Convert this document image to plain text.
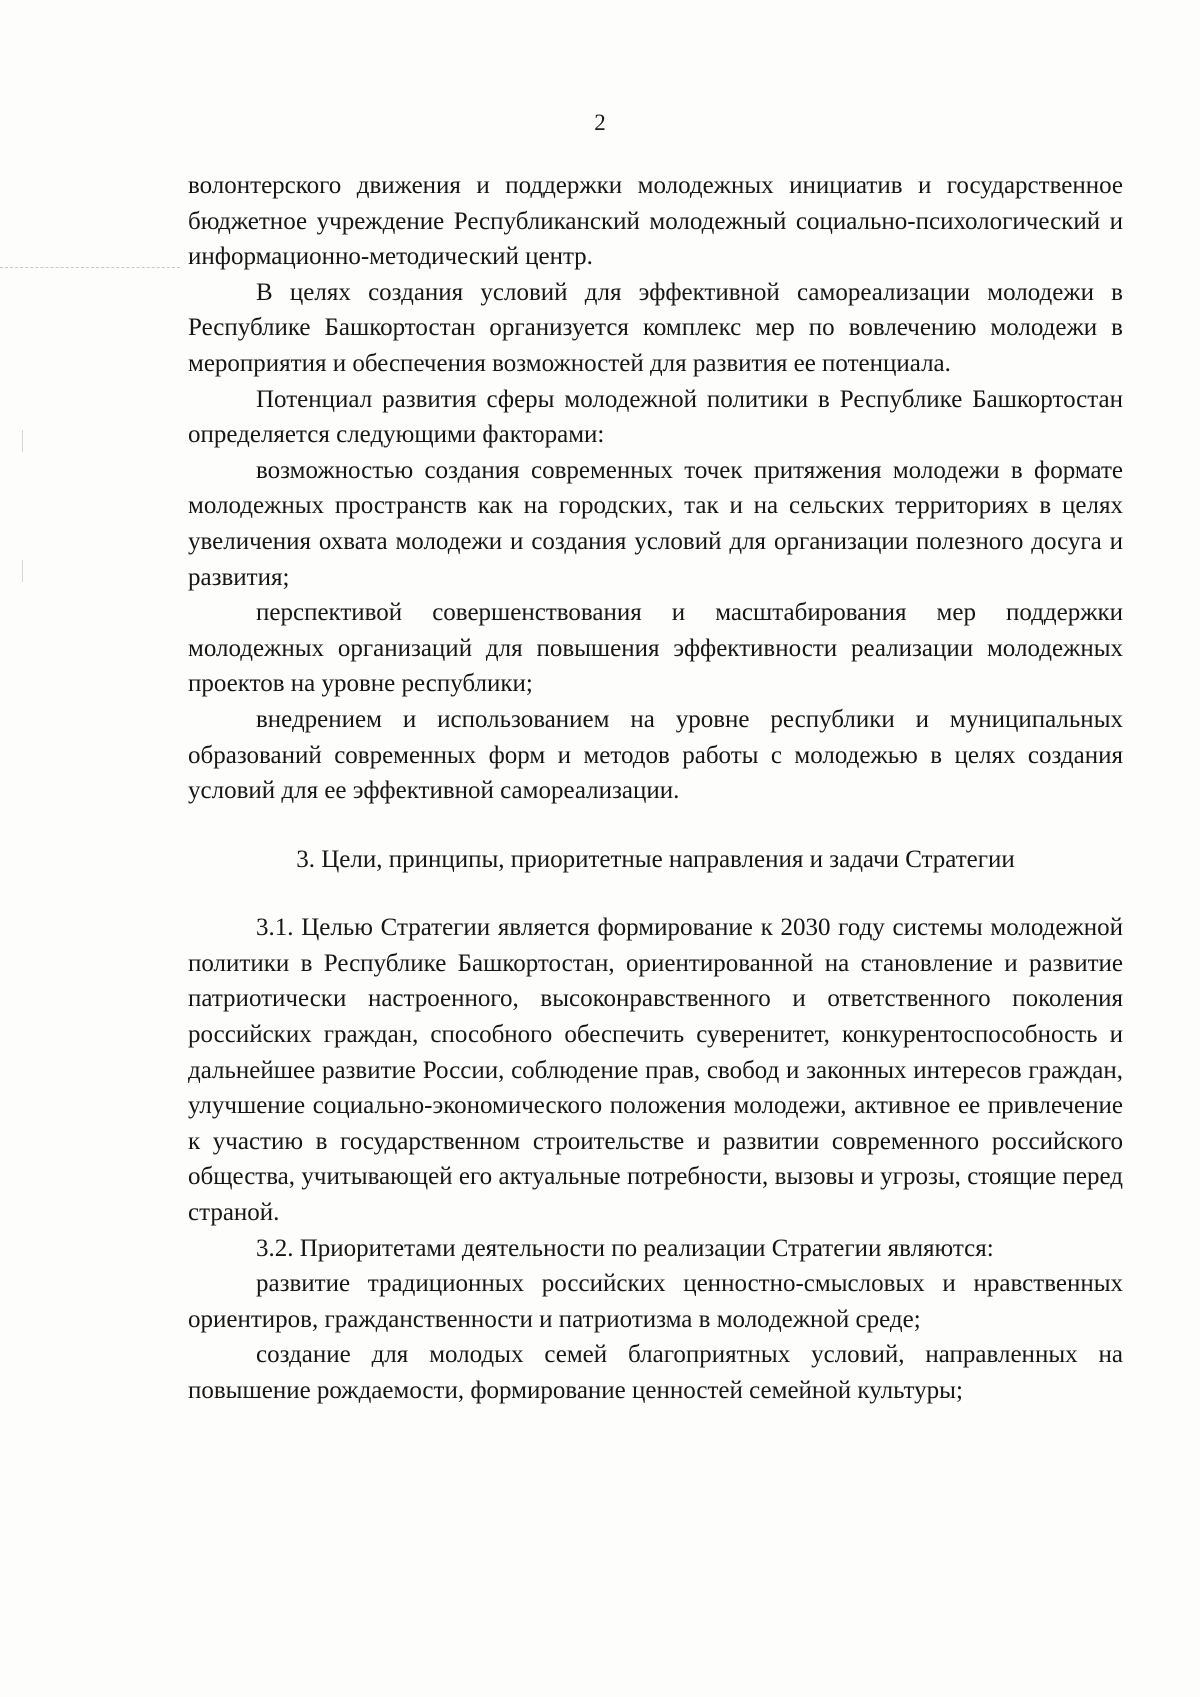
2

волонтерского движения и поддержки молодежных инициатив и государственное бюджетное учреждение Республиканский молодежный социально-психологический и информационно-методический центр.

В целях создания условий для эффективной самореализации молодежи в Республике Башкортостан организуется комплекс мер по вовлечению молодежи в мероприятия и обеспечения возможностей для развития ее потенциала.

Потенциал развития сферы молодежной политики в Республике Башкортостан определяется следующими факторами:

возможностью создания современных точек притяжения молодежи в формате молодежных пространств как на городских, так и на сельских территориях в целях увеличения охвата молодежи и создания условий для организации полезного досуга и развития;

перспективой совершенствования и масштабирования мер поддержки молодежных организаций для повышения эффективности реализации молодежных проектов на уровне республики;

внедрением и использованием на уровне республики и муниципальных образований современных форм и методов работы с молодежью в целях создания условий для ее эффективной самореализации.

3. Цели, принципы, приоритетные направления и задачи Стратегии

3.1. Целью Стратегии является формирование к 2030 году системы молодежной политики в Республике Башкортостан, ориентированной на становление и развитие патриотически настроенного, высоконравственного и ответственного поколения российских граждан, способного обеспечить суверенитет, конкурентоспособность и дальнейшее развитие России, соблюдение прав, свобод и законных интересов граждан, улучшение социально-экономического положения молодежи, активное ее привлечение к участию в государственном строительстве и развитии современного российского общества, учитывающей его актуальные потребности, вызовы и угрозы, стоящие перед страной.

3.2. Приоритетами деятельности по реализации Стратегии являются:

развитие традиционных российских ценностно-смысловых и нравственных ориентиров, гражданственности и патриотизма в молодежной среде;

создание для молодых семей благоприятных условий, направленных на повышение рождаемости, формирование ценностей семейной культуры;
